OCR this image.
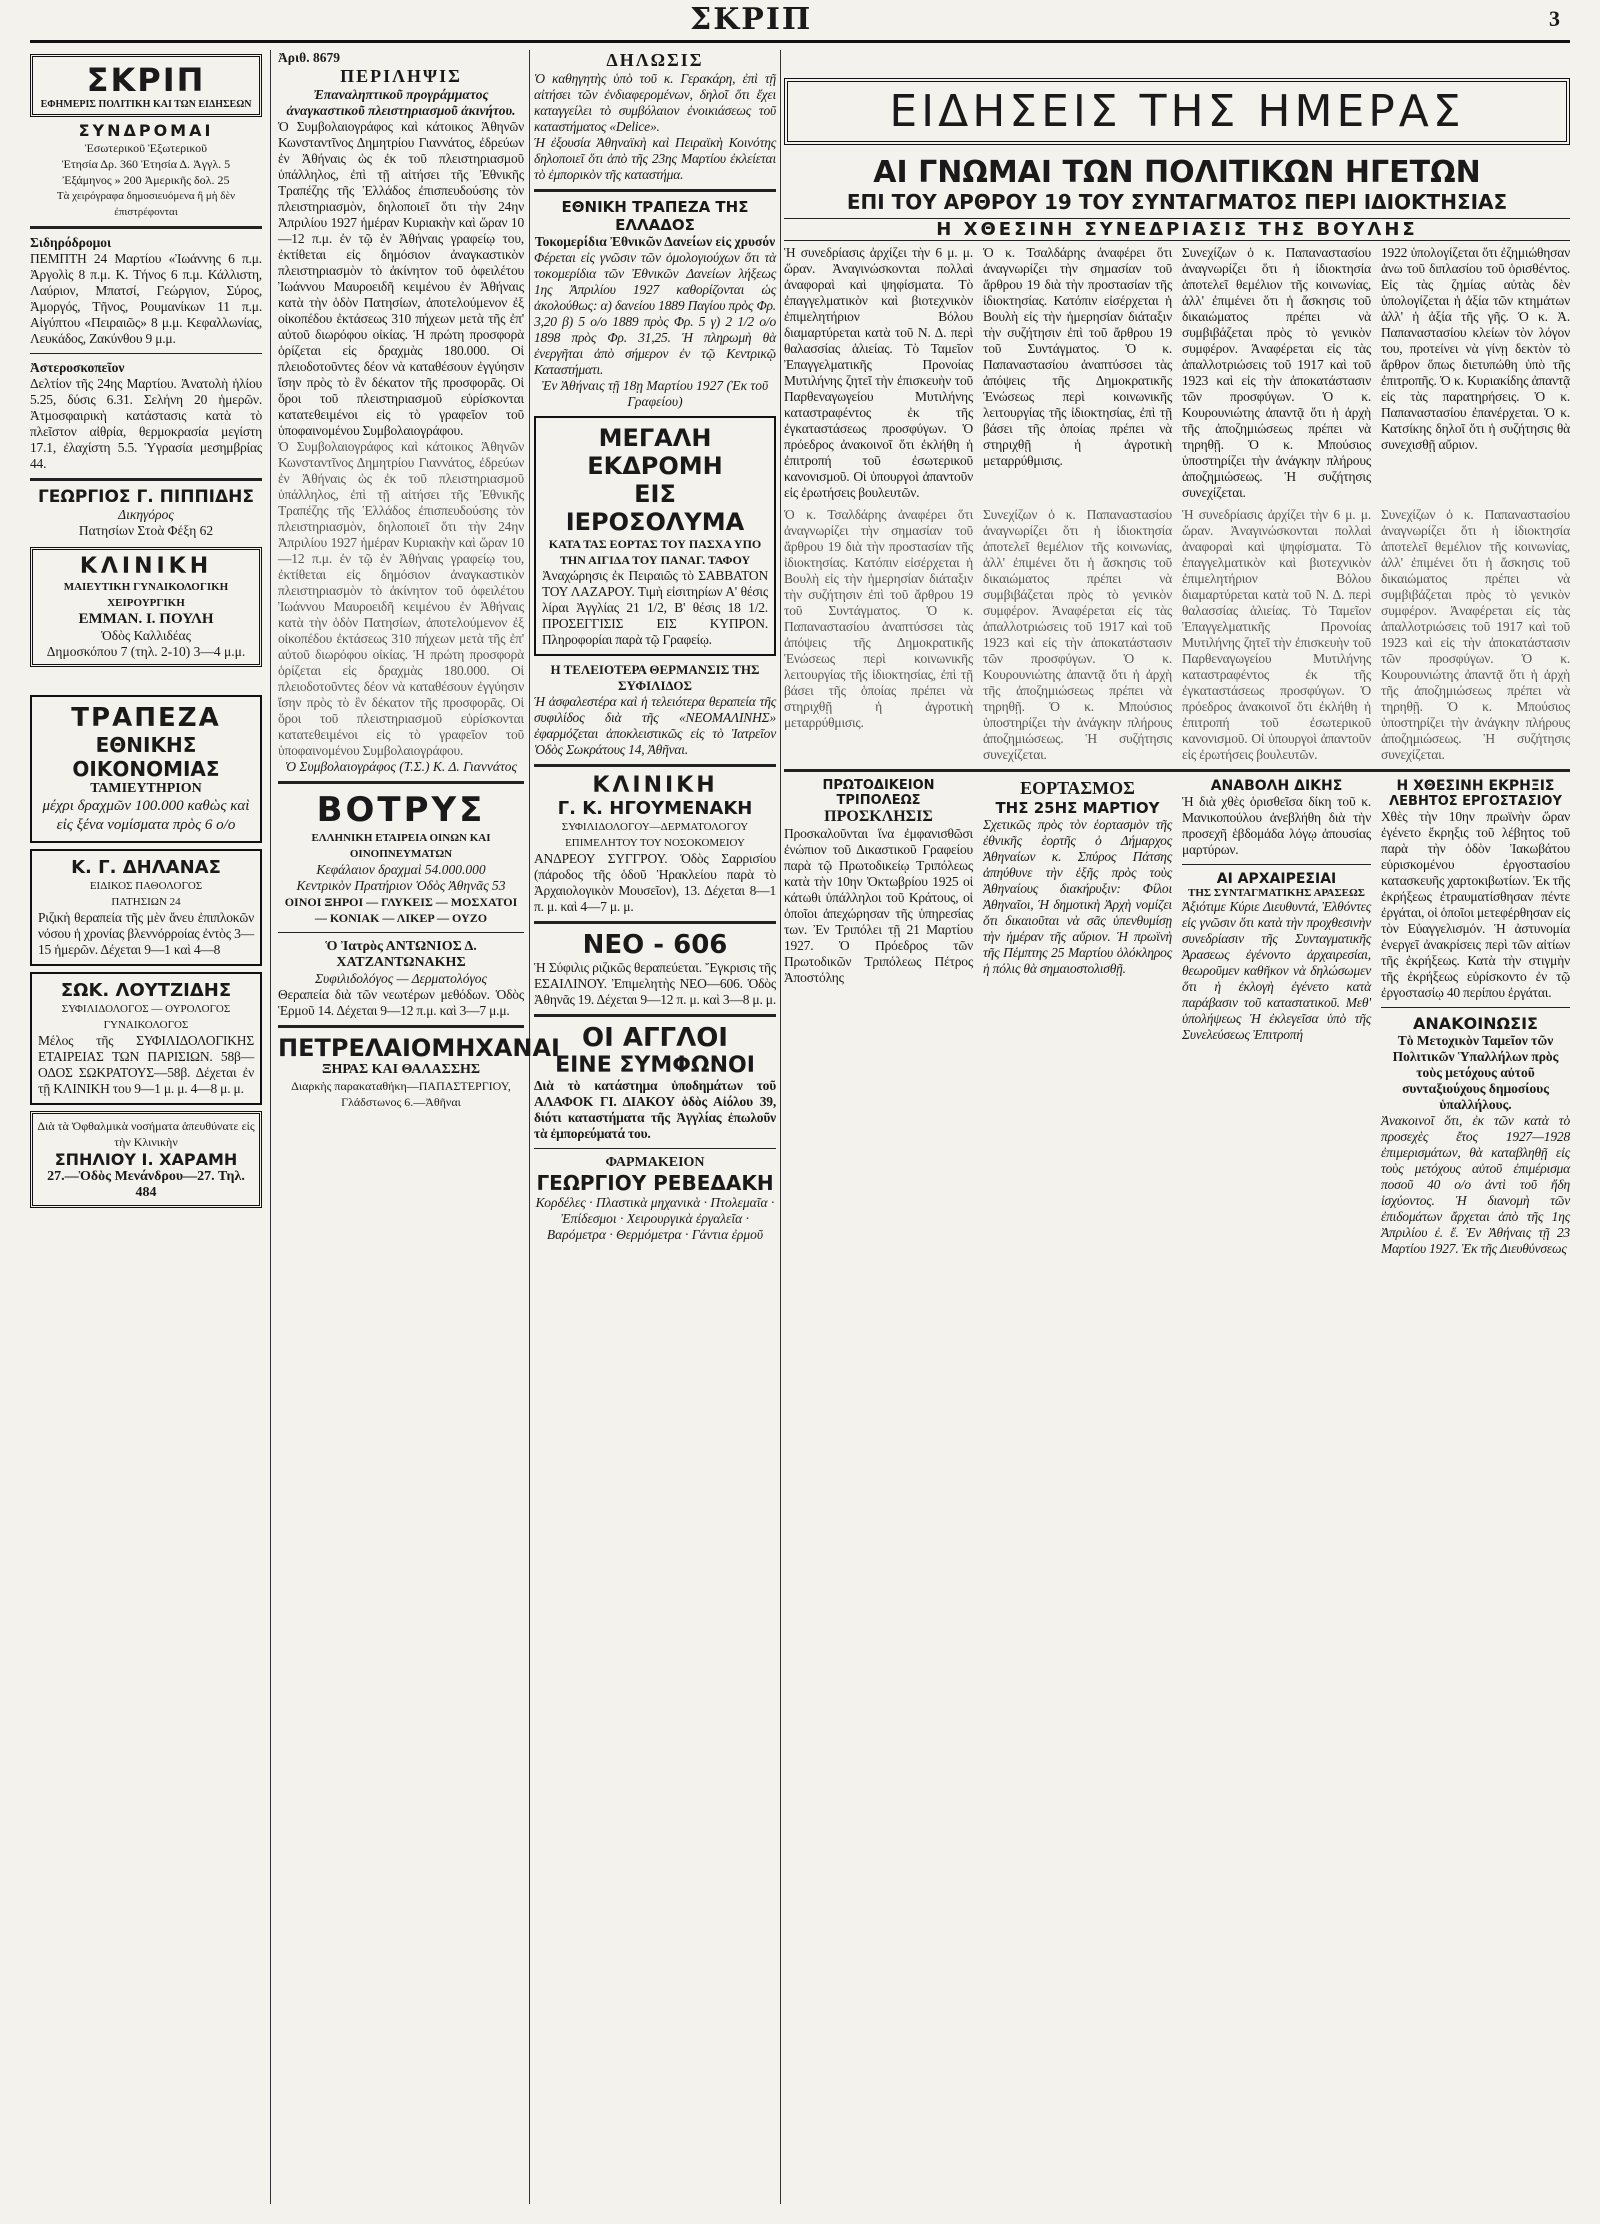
ΣΚΡΙΠ	3
ΣΚΡΙΠ
ΕΦΗΜΕΡΙΣ ΠΟΛΙΤΙΚΗ ΚΑΙ ΤΩΝ ΕΙΔΗΣΕΩΝ
ΣΥΝΔΡΟΜΑΙ
Ἐσωτερικοῦ Ἐξωτερικοῦ
Ἐτησία Δρ. 360 Ἐτησία Δ. Ἀγγλ. 5
Ἐξάμηνος » 200 Ἀμερικῆς δολ. 25
Τὰ χειρόγραφα δημοσιευόμενα ἢ μὴ δὲν ἐπιστρέφονται
Σιδηρόδρομοι
ΠΕΜΠΤΗ 24 Μαρτίου «Ἰωάννης 6 π.μ. Ἀργολὶς 8 π.μ. Κ. Τήνος 6 π.μ. Κάλλιστη, Λαύριον, Μπατσί, Γεώργιον, Σύρος, Ἀμοργός, Τῆνος, Ρουμανίκων 11 π.μ. Αἰγύπτου «Πειραιῶς» 8 μ.μ. Κεφαλλωνίας, Λευκάδος, Ζακύνθου 9 μ.μ.
Ἀστεροσκοπεῖον
Δελτίον τῆς 24ης Μαρτίου. Ἀνατολὴ ἡλίου 5.25, δύσις 6.31. Σελήνη 20 ἡμερῶν. Ἀτμοσφαιρικὴ κατάστασις κατὰ τὸ πλεῖστον αἰθρία, θερμοκρασία μεγίστη 17.1, ἐλαχίστη 5.5. Ὑγρασία μεσημβρίας 44.
ΓΕΩΡΓΙΟΣ Γ. ΠΙΠΠΙΔΗΣ
Δικηγόρος
Πατησίων Στοὰ Φέξη 62
ΚΛΙΝΙΚΗ
ΜΑΙΕΥΤΙΚΗ ΓΥΝΑΙΚΟΛΟΓΙΚΗ ΧΕΙΡΟΥΡΓΙΚΗ
ΕΜΜΑΝ. Ι. ΠΟΥΛΗ
Ὁδὸς Καλλιδέας
Δημοσκόπου 7 (τηλ. 2-10) 3—4 μ.μ.
ΤΡΑΠΕΖΑ
ΕΘΝΙΚΗΣ ΟΙΚΟΝΟΜΙΑΣ
ΤΑΜΙΕΥΤΗΡΙΟΝ
μέχρι δραχμῶν 100.000 καθὼς καὶ εἰς ξένα νομίσματα πρὸς 6 ο/ο
Κ. Γ. ΔΗΛΑΝΑΣ
ΕΙΔΙΚΟΣ ΠΑΘΟΛΟΓΟΣ
ΠΑΤΗΣΙΩΝ 24
Ριζικὴ θεραπεία τῆς μὲν ἄνευ ἐπιπλοκῶν νόσου ἡ χρονίας βλεννόρροίας ἐντὸς 3—15 ἡμερῶν. Δέχεται 9—1 καὶ 4—8
ΣΩΚ. ΛΟΥΤΖΙΔΗΣ
ΣΥΦΙΛΙΔΟΛΟΓΟΣ — ΟΥΡΟΛΟΓΟΣ ΓΥΝΑΙΚΟΛΟΓΟΣ
Μέλος τῆς ΣΥΦΙΛΙΔΟΛΟΓΙΚΗΣ ΕΤΑΙΡΕΙΑΣ ΤΩΝ ΠΑΡΙΣΙΩΝ. 58β—ΟΔΟΣ ΣΩΚΡΑΤΟΥΣ—58β. Δέχεται ἐν τῇ ΚΛΙΝΙΚΗ του 9—1 μ. μ. 4—8 μ. μ.
Διὰ τὰ Ὀφθαλμικὰ νοσήματα ἀπευθύνατε εἰς τὴν Κλινικὴν
ΣΠΗΛΙΟΥ Ι. ΧΑΡΑΜΗ
27.—Ὁδὸς Μενάνδρου—27. Τηλ. 484
Ἀριθ. 8679
ΠΕΡΙΛΗΨΙΣ
Ἐπαναληπτικοῦ προγράμματος ἀναγκαστικοῦ πλειστηριασμοῦ ἀκινήτου.
Ὁ Συμβολαιογράφος καὶ κάτοικος Ἀθηνῶν Κωνσταντῖνος Δημητρίου Γιαννάτος, ἐδρεύων ἐν Ἀθήναις ὡς ἐκ τοῦ πλειστηριασμοῦ ὑπάλληλος, ἐπὶ τῇ αἰτήσει τῆς Ἐθνικῆς Τραπέζης τῆς Ἑλλάδος ἐπισπευδούσης τὸν πλειστηριασμὸν, δηλοποιεῖ ὅτι τὴν 24ην Ἀπριλίου 1927 ἡμέραν Κυριακὴν καὶ ὥραν 10—12 π.μ. ἐν τῷ ἐν Ἀθήναις γραφείῳ του, ἐκτίθεται εἰς δημόσιον ἀναγκαστικὸν πλειστηριασμὸν τὸ ἀκίνητον τοῦ ὀφειλέτου Ἰωάννου Μαυροειδῆ κειμένου ἐν Ἀθήναις κατὰ τὴν ὁδὸν Πατησίων, ἀποτελούμενον ἐξ οἰκοπέδου ἐκτάσεως 310 πήχεων μετὰ τῆς ἐπ' αὐτοῦ διωρόφου οἰκίας. Ἡ πρώτη προσφορὰ ὁρίζεται εἰς δραχμὰς 180.000. Οἱ πλειοδοτοῦντες δέον νὰ καταθέσουν ἐγγύησιν ἴσην πρὸς τὸ ἓν δέκατον τῆς προσφορᾶς. Οἱ ὅροι τοῦ πλειστηριασμοῦ εὑρίσκονται κατατεθειμένοι εἰς τὸ γραφεῖον τοῦ ὑποφαινομένου Συμβολαιογράφου.
Ὁ Συμβολαιογράφος καὶ κάτοικος Ἀθηνῶν Κωνσταντῖνος Δημητρίου Γιαννάτος, ἐδρεύων ἐν Ἀθήναις ὡς ἐκ τοῦ πλειστηριασμοῦ ὑπάλληλος, ἐπὶ τῇ αἰτήσει τῆς Ἐθνικῆς Τραπέζης τῆς Ἑλλάδος ἐπισπευδούσης τὸν πλειστηριασμὸν, δηλοποιεῖ ὅτι τὴν 24ην Ἀπριλίου 1927 ἡμέραν Κυριακὴν καὶ ὥραν 10—12 π.μ. ἐν τῷ ἐν Ἀθήναις γραφείῳ του, ἐκτίθεται εἰς δημόσιον ἀναγκαστικὸν πλειστηριασμὸν τὸ ἀκίνητον τοῦ ὀφειλέτου Ἰωάννου Μαυροειδῆ κειμένου ἐν Ἀθήναις κατὰ τὴν ὁδὸν Πατησίων, ἀποτελούμενον ἐξ οἰκοπέδου ἐκτάσεως 310 πήχεων μετὰ τῆς ἐπ' αὐτοῦ διωρόφου οἰκίας. Ἡ πρώτη προσφορὰ ὁρίζεται εἰς δραχμὰς 180.000. Οἱ πλειοδοτοῦντες δέον νὰ καταθέσουν ἐγγύησιν ἴσην πρὸς τὸ ἓν δέκατον τῆς προσφορᾶς. Οἱ ὅροι τοῦ πλειστηριασμοῦ εὑρίσκονται κατατεθειμένοι εἰς τὸ γραφεῖον τοῦ ὑποφαινομένου Συμβολαιογράφου.
Ὁ Συμβολαιογράφος (Τ.Σ.) Κ. Δ. Γιαννάτος
ΒΟΤΡΥΣ
ΕΛΛΗΝΙΚΗ ΕΤΑΙΡΕΙΑ ΟΙΝΩΝ ΚΑΙ ΟΙΝΟΠΝΕΥΜΑΤΩΝ
Κεφάλαιον δραχμαὶ 54.000.000
Κεντρικὸν Πρατήριον Ὁδὸς Ἀθηνᾶς 53
ΟΙΝΟΙ ΞΗΡΟΙ — ΓΛΥΚΕΙΣ — ΜΟΣΧΑΤΟΙ — ΚΟΝΙΑΚ — ΛΙΚΕΡ — ΟΥΖΟ
Ὁ Ἰατρὸς ΑΝΤΩΝΙΟΣ Δ. ΧΑΤΖΑΝΤΩΝΑΚΗΣ
Συφιλιδολόγος — Δερματολόγος
Θεραπεία διὰ τῶν νεωτέρων μεθόδων. Ὁδὸς Ἑρμοῦ 14. Δέχεται 9—12 π.μ. καὶ 3—7 μ.μ.
ΠΕΤΡΕΛΑΙΟΜΗΧΑΝΑΙ
ΞΗΡΑΣ ΚΑΙ ΘΑΛΑΣΣΗΣ
Διαρκὴς παρακαταθήκη—ΠΑΠΑΣΤΕΡΓΙΟΥ, Γλάδστωνος 6.—Ἀθῆναι
ΔΗΛΩΣΙΣ
Ὁ καθηγητὴς ὑπὸ τοῦ κ. Γερακάρη, ἐπὶ τῇ αἰτήσει τῶν ἐνδιαφερομένων, δηλοῖ ὅτι ἔχει καταγγείλει τὸ συμβόλαιον ἐνοικιάσεως τοῦ καταστήματος «Delice».
Ἡ ἐξουσία Ἀθηναϊκὴ καὶ Πειραϊκὴ Κοινότης δηλοποιεῖ ὅτι ἀπὸ τῆς 23ης Μαρτίου ἐκλείεται τὸ ἐμπορικὸν τῆς καταστήμα.
ΕΘΝΙΚΗ ΤΡΑΠΕΖΑ ΤΗΣ ΕΛΛΑΔΟΣ
Τοκομερίδια Ἐθνικῶν Δανείων εἰς χρυσόν
Φέρεται εἰς γνῶσιν τῶν ὁμολογιούχων ὅτι τὰ τοκομερίδια τῶν Ἐθνικῶν Δανείων λήξεως 1ης Ἀπριλίου 1927 καθορίζονται ὡς ἀκολούθως: α) δανείου 1889 Παγίου πρὸς Φρ. 3,20 β) 5 ο/ο 1889 πρὸς Φρ. 5 γ) 2 1/2 ο/ο 1898 πρὸς Φρ. 31,25. Ἡ πληρωμὴ θὰ ἐνεργῆται ἀπὸ σήμερον ἐν τῷ Κεντρικῷ Καταστήματι.
Ἐν Ἀθήναις τῇ 18ῃ Μαρτίου 1927 (Ἐκ τοῦ Γραφείου)
ΜΕΓΑΛΗ ΕΚΔΡΟΜΗ
ΕΙΣ ΙΕΡΟΣΟΛΥΜΑ
ΚΑΤΑ ΤΑΣ ΕΟΡΤΑΣ ΤΟΥ ΠΑΣΧΑ ΥΠΟ ΤΗΝ ΑΙΓΙΔΑ ΤΟΥ ΠΑΝΑΓ. ΤΑΦΟΥ
Ἀναχώρησις ἐκ Πειραιῶς τὸ ΣΑΒΒΑΤΟΝ ΤΟΥ ΛΑΖΑΡΟΥ. Τιμὴ εἰσιτηρίων Α' θέσις λίραι Ἀγγλίας 21 1/2, Β' θέσις 18 1/2. ΠΡΟΣΕΓΓΙΣΙΣ ΕΙΣ ΚΥΠΡΟΝ. Πληροφορίαι παρὰ τῷ Γραφείῳ.
Η ΤΕΛΕΙΟΤΕΡΑ ΘΕΡΜΑΝΣΙΣ ΤΗΣ ΣΥΦΙΛΙΔΟΣ
Ἡ ἀσφαλεστέρα καὶ ἡ τελειότερα θεραπεία τῆς συφιλίδος διὰ τῆς «ΝΕΟΜΑΛΙΝΗΣ» ἐφαρμόζεται ἀποκλειστικῶς εἰς τὸ Ἰατρεῖον Ὁδὸς Σωκράτους 14, Ἀθῆναι.
ΚΛΙΝΙΚΗ
Γ. Κ. ΗΓΟΥΜΕΝΑΚΗ
ΣΥΦΙΛΙΔΟΛΟΓΟΥ—ΔΕΡΜΑΤΟΛΟΓΟΥ ΕΠΙΜΕΛΗΤΟΥ ΤΟΥ ΝΟΣΟΚΟΜΕΙΟΥ
ΑΝΔΡΕΟΥ ΣΥΓΓΡΟΥ. Ὁδὸς Σαρρισίου (πάροδος τῆς ὁδοῦ Ἡρακλείου παρὰ τὸ Ἀρχαιολογικὸν Μουσεῖον), 13. Δέχεται 8—1 π. μ. καὶ 4—7 μ. μ.
ΝΕΟ - 606
Ἡ Σύφιλις ριζικῶς θεραπεύεται. Ἔγκρισις τῆς ΕΣΑΙΛΙΝΟΥ. Ἐπιμελητὴς ΝΕΟ—606. Ὁδὸς Ἀθηνᾶς 19. Δέχεται 9—12 π. μ. καὶ 3—8 μ. μ.
ΟΙ ΑΓΓΛΟΙ
ΕΙΝΕ ΣΥΜΦΩΝΟΙ
Διὰ τὸ κατάστημα ὑποδημάτων τοῦ ΑΛΑΦΟΚ ΓΙ. ΔΙΑΚΟΥ ὁδὸς Αἰόλου 39, διότι καταστήματα τῆς Ἀγγλίας ἐπωλοῦν τὰ ἐμπορεύματά του.
ΦΑΡΜΑΚΕΙΟΝ
ΓΕΩΡΓΙΟΥ ΡΕΒΕΔΑΚΗ
Κορδέλες · Πλαστικὰ μηχανικὰ · Πτολεμαῖα · Ἐπίδεσμοι · Χειρουργικὰ ἐργαλεῖα · Βαρόμετρα · Θερμόμετρα · Γάντια ἐρμοῦ
ΕΙΔΗΣΕΙΣ ΤΗΣ ΗΜΕΡΑΣ
ΑΙ ΓΝΩΜΑΙ ΤΩΝ ΠΟΛΙΤΙΚΩΝ ΗΓΕΤΩΝ
ΕΠΙ ΤΟΥ ΑΡΘΡΟΥ 19 ΤΟΥ ΣΥΝΤΑΓΜΑΤΟΣ ΠΕΡΙ ΙΔΙΟΚΤΗΣΙΑΣ
Η ΧΘΕΣΙΝΗ ΣΥΝΕΔΡΙΑΣΙΣ ΤΗΣ ΒΟΥΛΗΣ
Ἡ συνεδρίασις ἀρχίζει τὴν 6 μ. μ. ὥραν. Ἀναγινώσκονται πολλαὶ ἀναφοραὶ καὶ ψηφίσματα. Τὸ ἐπαγγελματικὸν καὶ βιοτεχνικὸν ἐπιμελητήριον Βόλου διαμαρτύρεται κατὰ τοῦ Ν. Δ. περὶ θαλασσίας ἁλιείας. Τὸ Ταμεῖον Ἐπαγγελματικῆς Προνοίας Μυτιλήνης ζητεῖ τὴν ἐπισκευὴν τοῦ Παρθεναγωγείου Μυτιλήνης καταστραφέντος ἐκ τῆς ἐγκαταστάσεως προσφύγων. Ὁ πρόεδρος ἀνακοινοῖ ὅτι ἐκλήθη ἡ ἐπιτροπή τοῦ ἐσωτερικοῦ κανονισμοῦ. Οἱ ὑπουργοὶ ἀπαντοῦν εἰς ἐρωτήσεις βουλευτῶν.
Ὁ κ. Τσαλδάρης ἀναφέρει ὅτι ἀναγνωρίζει τὴν σημασίαν τοῦ ἄρθρου 19 διὰ τὴν προστασίαν τῆς ἰδιοκτησίας. Κατόπιν εἰσέρχεται ἡ Βουλὴ εἰς τὴν ἡμερησίαν διάταξιν τὴν συζήτησιν ἐπὶ τοῦ ἄρθρου 19 τοῦ Συντάγματος. Ὁ κ. Παπαναστασίου ἀναπτύσσει τὰς ἀπόψεις τῆς Δημοκρατικῆς Ἑνώσεως περὶ κοινωνικῆς λειτουργίας τῆς ἰδιοκτησίας, ἐπὶ τῇ βάσει τῆς ὁποίας πρέπει νὰ στηριχθῇ ἡ ἀγροτικὴ μεταρρύθμισις.
Συνεχίζων ὁ κ. Παπαναστασίου ἀναγνωρίζει ὅτι ἡ ἰδιοκτησία ἀποτελεῖ θεμέλιον τῆς κοινωνίας, ἀλλ' ἐπιμένει ὅτι ἡ ἄσκησις τοῦ δικαιώματος πρέπει νὰ συμβιβάζεται πρὸς τὸ γενικὸν συμφέρον. Ἀναφέρεται εἰς τὰς ἀπαλλοτριώσεις τοῦ 1917 καὶ τοῦ 1923 καὶ εἰς τὴν ἀποκατάστασιν τῶν προσφύγων. Ὁ κ. Κουρουνιώτης ἀπαντᾷ ὅτι ἡ ἀρχὴ τῆς ἀποζημιώσεως πρέπει νὰ τηρηθῇ. Ὁ κ. Μπούσιος ὑποστηρίζει τὴν ἀνάγκην πλήρους ἀποζημιώσεως. Ἡ συζήτησις συνεχίζεται.
1922 ὑπολογίζεται ὅτι ἐζημιώθησαν ἀνω τοῦ διπλασίου τοῦ ὁρισθέντος. Εἰς τὰς ζημίας αὐτὰς δὲν ὑπολογίζεται ἡ ἀξία τῶν κτημάτων ἀλλ' ἡ ἀξία τῆς γῆς. Ὁ κ. Ἀ. Παπαναστασίου κλείων τὸν λόγον του, προτείνει νὰ γίνῃ δεκτὸν τὸ ἄρθρον ὅπως διετυπώθη ὑπὸ τῆς ἐπιτροπῆς. Ὁ κ. Κυριακίδης ἀπαντᾷ εἰς τὰς παρατηρήσεις. Ὁ κ. Παπαναστασίου ἐπανέρχεται. Ὁ κ. Κατσίκης δηλοῖ ὅτι ἡ συζήτησις θὰ συνεχισθῇ αὔριον.
Ὁ κ. Τσαλδάρης ἀναφέρει ὅτι ἀναγνωρίζει τὴν σημασίαν τοῦ ἄρθρου 19 διὰ τὴν προστασίαν τῆς ἰδιοκτησίας. Κατόπιν εἰσέρχεται ἡ Βουλὴ εἰς τὴν ἡμερησίαν διάταξιν τὴν συζήτησιν ἐπὶ τοῦ ἄρθρου 19 τοῦ Συντάγματος. Ὁ κ. Παπαναστασίου ἀναπτύσσει τὰς ἀπόψεις τῆς Δημοκρατικῆς Ἑνώσεως περὶ κοινωνικῆς λειτουργίας τῆς ἰδιοκτησίας, ἐπὶ τῇ βάσει τῆς ὁποίας πρέπει νὰ στηριχθῇ ἡ ἀγροτικὴ μεταρρύθμισις.
Συνεχίζων ὁ κ. Παπαναστασίου ἀναγνωρίζει ὅτι ἡ ἰδιοκτησία ἀποτελεῖ θεμέλιον τῆς κοινωνίας, ἀλλ' ἐπιμένει ὅτι ἡ ἄσκησις τοῦ δικαιώματος πρέπει νὰ συμβιβάζεται πρὸς τὸ γενικὸν συμφέρον. Ἀναφέρεται εἰς τὰς ἀπαλλοτριώσεις τοῦ 1917 καὶ τοῦ 1923 καὶ εἰς τὴν ἀποκατάστασιν τῶν προσφύγων. Ὁ κ. Κουρουνιώτης ἀπαντᾷ ὅτι ἡ ἀρχὴ τῆς ἀποζημιώσεως πρέπει νὰ τηρηθῇ. Ὁ κ. Μπούσιος ὑποστηρίζει τὴν ἀνάγκην πλήρους ἀποζημιώσεως. Ἡ συζήτησις συνεχίζεται.
Ἡ συνεδρίασις ἀρχίζει τὴν 6 μ. μ. ὥραν. Ἀναγινώσκονται πολλαὶ ἀναφοραὶ καὶ ψηφίσματα. Τὸ ἐπαγγελματικὸν καὶ βιοτεχνικὸν ἐπιμελητήριον Βόλου διαμαρτύρεται κατὰ τοῦ Ν. Δ. περὶ θαλασσίας ἁλιείας. Τὸ Ταμεῖον Ἐπαγγελματικῆς Προνοίας Μυτιλήνης ζητεῖ τὴν ἐπισκευὴν τοῦ Παρθεναγωγείου Μυτιλήνης καταστραφέντος ἐκ τῆς ἐγκαταστάσεως προσφύγων. Ὁ πρόεδρος ἀνακοινοῖ ὅτι ἐκλήθη ἡ ἐπιτροπή τοῦ ἐσωτερικοῦ κανονισμοῦ. Οἱ ὑπουργοὶ ἀπαντοῦν εἰς ἐρωτήσεις βουλευτῶν.
Συνεχίζων ὁ κ. Παπαναστασίου ἀναγνωρίζει ὅτι ἡ ἰδιοκτησία ἀποτελεῖ θεμέλιον τῆς κοινωνίας, ἀλλ' ἐπιμένει ὅτι ἡ ἄσκησις τοῦ δικαιώματος πρέπει νὰ συμβιβάζεται πρὸς τὸ γενικὸν συμφέρον. Ἀναφέρεται εἰς τὰς ἀπαλλοτριώσεις τοῦ 1917 καὶ τοῦ 1923 καὶ εἰς τὴν ἀποκατάστασιν τῶν προσφύγων. Ὁ κ. Κουρουνιώτης ἀπαντᾷ ὅτι ἡ ἀρχὴ τῆς ἀποζημιώσεως πρέπει νὰ τηρηθῇ. Ὁ κ. Μπούσιος ὑποστηρίζει τὴν ἀνάγκην πλήρους ἀποζημιώσεως. Ἡ συζήτησις συνεχίζεται.
ΠΡΩΤΟΔΙΚΕΙΟΝ ΤΡΙΠΟΛΕΩΣ
ΠΡΟΣΚΛΗΣΙΣ
Προσκαλοῦνται ἵνα ἐμφανισθῶσι ἐνώπιον τοῦ Δικαστικοῦ Γραφείου παρὰ τῷ Πρωτοδικείῳ Τριπόλεως κατὰ τὴν 10ην Ὀκτωβρίου 1925 οἱ κάτωθι ὑπάλληλοι τοῦ Κράτους, οἱ ὁποῖοι ἀπεχώρησαν τῆς ὑπηρεσίας των. Ἐν Τριπόλει τῇ 21 Μαρτίου 1927. Ὁ Πρόεδρος τῶν Πρωτοδικῶν Τριπόλεως Πέτρος Ἀποστόλης
ΕΟΡΤΑΣΜΟΣ
ΤΗΣ 25ΗΣ ΜΑΡΤΙΟΥ
Σχετικῶς πρὸς τὸν ἑορτασμὸν τῆς ἐθνικῆς ἑορτῆς ὁ Δήμαρχος Ἀθηναίων κ. Σπύρος Πάτσης ἀπηύθυνε τὴν ἑξῆς πρὸς τοὺς Ἀθηναίους διακήρυξιν: Φίλοι Ἀθηναῖοι, Ἡ δημοτικὴ Ἀρχὴ νομίζει ὅτι δικαιοῦται νὰ σᾶς ὑπενθυμίσῃ τὴν ἡμέραν τῆς αὔριον. Ἡ πρωϊνὴ τῆς Πέμπτης 25 Μαρτίου ὁλόκληρος ἡ πόλις θὰ σημαιοστολισθῇ.
ΑΝΑΒΟΛΗ ΔΙΚΗΣ
Ἡ διὰ χθὲς ὁρισθεῖσα δίκη τοῦ κ. Μανικοπούλου ἀνεβλήθη διὰ τὴν προσεχῆ ἑβδομάδα λόγῳ ἀπουσίας μαρτύρων.
ΑΙ ΑΡΧΑΙΡΕΣΙΑΙ
ΤΗΣ ΣΥΝΤΑΓΜΑΤΙΚΗΣ ΑΡΑΣΕΩΣ
Ἀξιότιμε Κύριε Διευθυντά, Ἐλθόντες εἰς γνῶσιν ὅτι κατὰ τὴν προχθεσινὴν συνεδρίασιν τῆς Συνταγματικῆς Ἀρασεως ἐγένοντο ἀρχαιρεσίαι, θεωροῦμεν καθῆκον νὰ δηλώσωμεν ὅτι ἡ ἐκλογὴ ἐγένετο κατὰ παράβασιν τοῦ καταστατικοῦ. Μεθ' ὑπολήψεως Ἡ ἐκλεγεῖσα ὑπὸ τῆς Συνελεύσεως Ἐπιτροπή
Η ΧΘΕΣΙΝΗ ΕΚΡΗΞΙΣ
ΛΕΒΗΤΟΣ ΕΡΓΟΣΤΑΣΙΟΥ
Χθὲς τὴν 10ην πρωϊνὴν ὥραν ἐγένετο ἔκρηξις τοῦ λέβητος τοῦ παρὰ τὴν ὁδὸν Ἰακωβάτου εὑρισκομένου ἐργοστασίου κατασκευῆς χαρτοκιβωτίων. Ἐκ τῆς ἐκρήξεως ἐτραυματίσθησαν πέντε ἐργάται, οἱ ὁποῖοι μετεφέρθησαν εἰς τὸν Εὐαγγελισμόν. Ἡ ἀστυνομία ἐνεργεῖ ἀνακρίσεις περὶ τῶν αἰτίων τῆς ἐκρήξεως. Κατὰ τὴν στιγμὴν τῆς ἐκρήξεως εὑρίσκοντο ἐν τῷ ἐργοστασίῳ 40 περίπου ἐργάται.
ΑΝΑΚΟΙΝΩΣΙΣ
Τὸ Μετοχικὸν Ταμεῖον τῶν Πολιτικῶν Ὑπαλλήλων πρὸς τοὺς μετόχους αὐτοῦ συνταξιούχους δημοσίους ὑπαλλήλους.
Ἀνακοινοῖ ὅτι, ἐκ τῶν κατὰ τὸ προσεχὲς ἔτος 1927—1928 ἐπιμερισμάτων, θὰ καταβληθῇ εἰς τοὺς μετόχους αὐτοῦ ἐπιμέρισμα ποσοῦ 40 ο/ο ἀντὶ τοῦ ἤδη ἰσχύοντος. Ἡ διανομὴ τῶν ἐπιδομάτων ἄρχεται ἀπὸ τῆς 1ης Ἀπριλίου ἐ. ἔ. Ἐν Ἀθήναις τῇ 23 Μαρτίου 1927. Ἐκ τῆς Διευθύνσεως
